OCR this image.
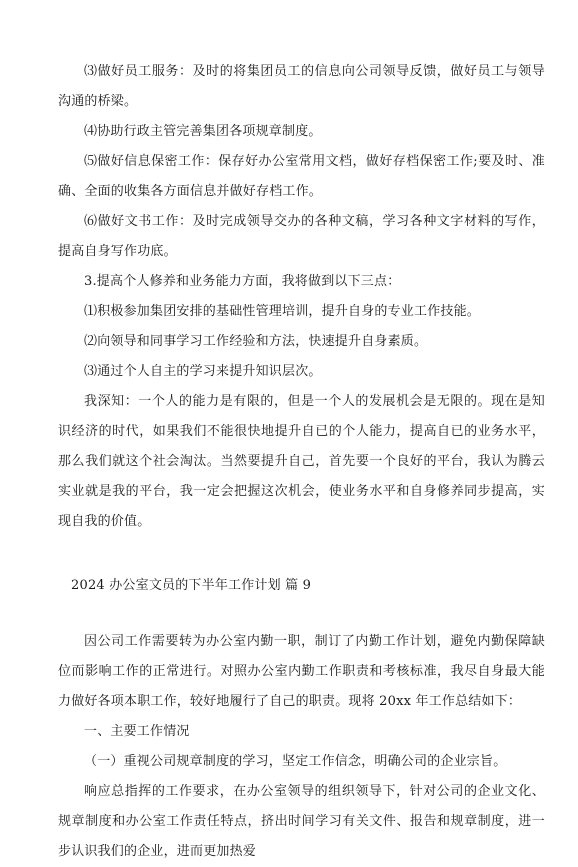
⑶做好员工服务：及时的将集团员工的信息向公司领导反馈，做好员工与领导沟通的桥梁。

⑷协助行政主管完善集团各项规章制度。

⑸做好信息保密工作：保存好办公室常用文档，做好存档保密工作;要及时、准确、全面的收集各方面信息并做好存档工作。

⑹做好文书工作：及时完成领导交办的各种文稿，学习各种文字材料的写作，提高自身写作功底。

3.提高个人修养和业务能力方面，我将做到以下三点：

⑴积极参加集团安排的基础性管理培训，提升自身的专业工作技能。

⑵向领导和同事学习工作经验和方法，快速提升自身素质。

⑶通过个人自主的学习来提升知识层次。

我深知：一个人的能力是有限的，但是一个人的发展机会是无限的。现在是知识经济的时代，如果我们不能很快地提升自已的个人能力，提高自已的业务水平，那么我们就这个社会淘汰。当然要提升自己，首先要一个良好的平台，我认为腾云实业就是我的平台，我一定会把握这次机会，使业务水平和自身修养同步提高，实现自我的价值。

2024 办公室文员的下半年工作计划 篇 9

因公司工作需要转为办公室内勤一职，制订了内勤工作计划，避免内勤保障缺位而影响工作的正常进行。对照办公室内勤工作职责和考核标准，我尽自身最大能力做好各项本职工作，较好地履行了自己的职责。现将 20xx 年工作总结如下：

一、主要工作情况

（一）重视公司规章制度的学习，坚定工作信念，明确公司的企业宗旨。

响应总指挥的工作要求，在办公室领导的组织领导下，针对公司的企业文化、规章制度和办公室工作责任特点，挤出时间学习有关文件、报告和规章制度，进一步认识我们的企业，进而更加热爱
